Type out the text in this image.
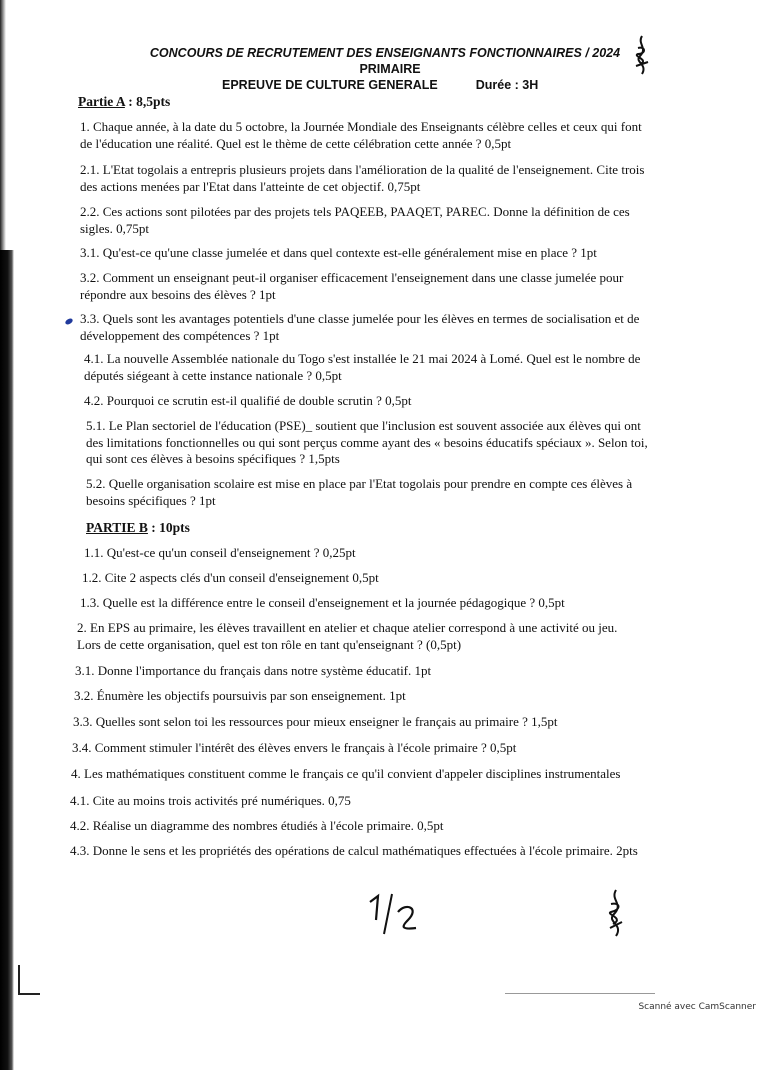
CONCOURS DE RECRUTEMENT DES ENSEIGNANTS FONCTIONNAIRES / 2024
PRIMAIRE
EPREUVE DE CULTURE GENERALE	Durée : 3H
Partie A : 8,5pts
1. Chaque année, à la date du 5 octobre, la Journée Mondiale des Enseignants célèbre celles et ceux qui font
de l'éducation une réalité. Quel est le thème de cette célébration cette année ? 0,5pt
2.1. L'Etat togolais a entrepris plusieurs projets dans l'amélioration de la qualité de l'enseignement. Cite trois
des actions menées par l'Etat dans l'atteinte de cet objectif. 0,75pt
2.2. Ces actions sont pilotées par des projets tels PAQEEB, PAAQET, PAREC. Donne la définition de ces
sigles. 0,75pt
3.1. Qu'est-ce qu'une classe jumelée et dans quel contexte est-elle généralement mise en place ? 1pt
3.2. Comment un enseignant peut-il organiser efficacement l'enseignement dans une classe jumelée pour
répondre aux besoins des élèves ? 1pt
3.3. Quels sont les avantages potentiels d'une classe jumelée pour les élèves en termes de socialisation et de
développement des compétences ? 1pt
4.1. La nouvelle Assemblée nationale du Togo s'est installée le 21 mai 2024 à Lomé. Quel est le nombre de
députés siégeant à cette instance nationale ? 0,5pt
4.2. Pourquoi ce scrutin est-il qualifié de double scrutin ? 0,5pt
5.1. Le Plan sectoriel de l'éducation (PSE)_ soutient que l'inclusion est souvent associée aux élèves qui ont
des limitations fonctionnelles ou qui sont perçus comme ayant des « besoins éducatifs spéciaux ». Selon toi,
qui sont ces élèves à besoins spécifiques ? 1,5pts
5.2. Quelle organisation scolaire est mise en place par l'Etat togolais pour prendre en compte ces élèves à
besoins spécifiques ? 1pt
PARTIE B : 10pts
1.1. Qu'est-ce qu'un conseil d'enseignement ? 0,25pt
1.2. Cite 2 aspects clés d'un conseil d'enseignement 0,5pt
1.3. Quelle est la différence entre le conseil d'enseignement et la journée pédagogique ? 0,5pt
2. En EPS au primaire, les élèves travaillent en atelier et chaque atelier correspond à une activité ou jeu.
Lors de cette organisation, quel est ton rôle en tant qu'enseignant ? (0,5pt)
3.1. Donne l'importance du français dans notre système éducatif. 1pt
3.2. Énumère les objectifs poursuivis par son enseignement. 1pt
3.3. Quelles sont selon toi les ressources pour mieux enseigner le français au primaire ? 1,5pt
3.4. Comment stimuler l'intérêt des élèves envers le français à l'école primaire ? 0,5pt
4. Les mathématiques constituent comme le français ce qu'il convient d'appeler disciplines instrumentales
4.1. Cite au moins trois activités pré numériques. 0,75
4.2. Réalise un diagramme des nombres étudiés à l'école primaire. 0,5pt
4.3. Donne le sens et les propriétés des opérations de calcul mathématiques effectuées à l'école primaire. 2pts
Scanné avec CamScanner
